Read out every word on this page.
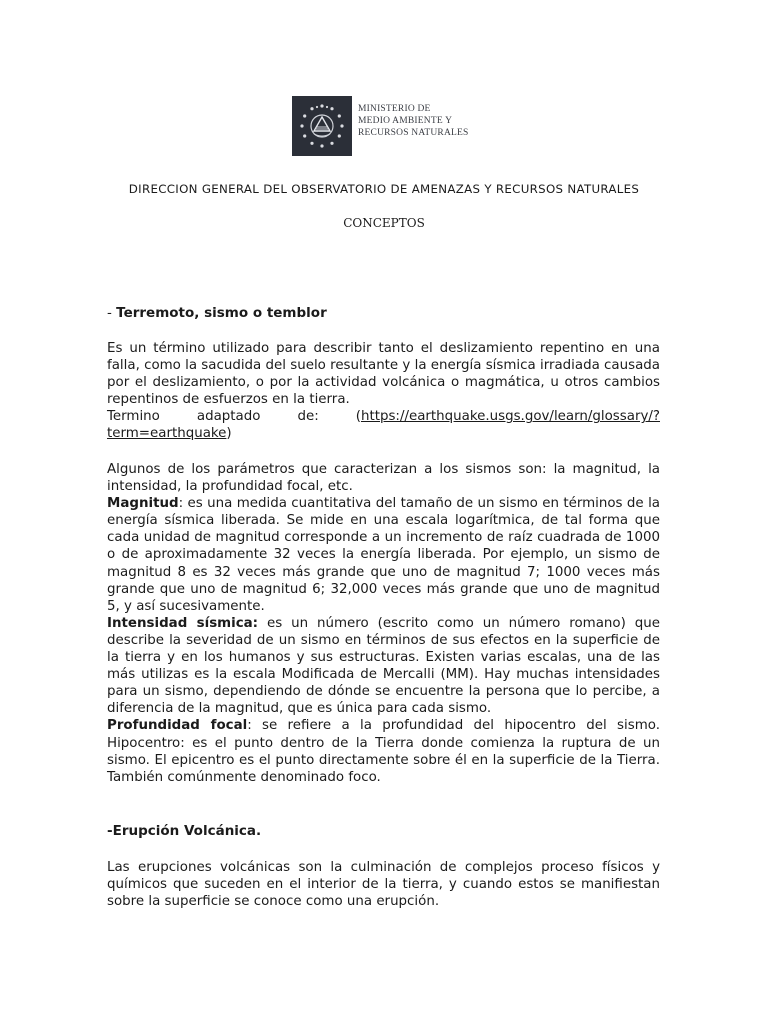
MINISTERIO DE
MEDIO AMBIENTE Y
RECURSOS NATURALES
DIRECCION GENERAL DEL OBSERVATORIO DE AMENAZAS Y RECURSOS NATURALES
CONCEPTOS
- Terremoto, sismo o temblor

Es un término utilizado para describir tanto el deslizamiento repentino en una falla, como la sacudida del suelo resultante y la energía sísmica irradiada causada por el deslizamiento, o por la actividad volcánica o magmática, u otros cambios repentinos de esfuerzos en la tierra.
Termino adaptado de: (https://earthquake.usgs.gov/learn/glossary/?term=earthquake)

Algunos de los parámetros que caracterizan a los sismos son: la magnitud, la intensidad, la profundidad focal, etc.
Magnitud: es una medida cuantitativa del tamaño de un sismo en términos de la energía sísmica liberada. Se mide en una escala logarítmica, de tal forma que cada unidad de magnitud corresponde a un incremento de raíz cuadrada de 1000 o de aproximadamente 32 veces la energía liberada. Por ejemplo, un sismo de magnitud 8 es 32 veces más grande que uno de magnitud 7; 1000 veces más grande que uno de magnitud 6; 32,000 veces más grande que uno de magnitud 5, y así sucesivamente.
Intensidad sísmica: es un número (escrito como un número romano) que describe la severidad de un sismo en términos de sus efectos en la superficie de la tierra y en los humanos y sus estructuras. Existen varias escalas, una de las más utilizas es la escala Modificada de Mercalli (MM). Hay muchas intensidades para un sismo, dependiendo de dónde se encuentre la persona que lo percibe, a diferencia de la magnitud, que es única para cada sismo.
Profundidad focal: se refiere a la profundidad del hipocentro del sismo. Hipocentro: es el punto dentro de la Tierra donde comienza la ruptura de un sismo. El epicentro es el punto directamente sobre él en la superficie de la Tierra. También comúnmente denominado foco.

-Erupción Volcánica.

Las erupciones volcánicas son la culminación de complejos proceso físicos y químicos que suceden en el interior de la tierra, y cuando estos se manifiestan sobre la superficie se conoce como una erupción.
